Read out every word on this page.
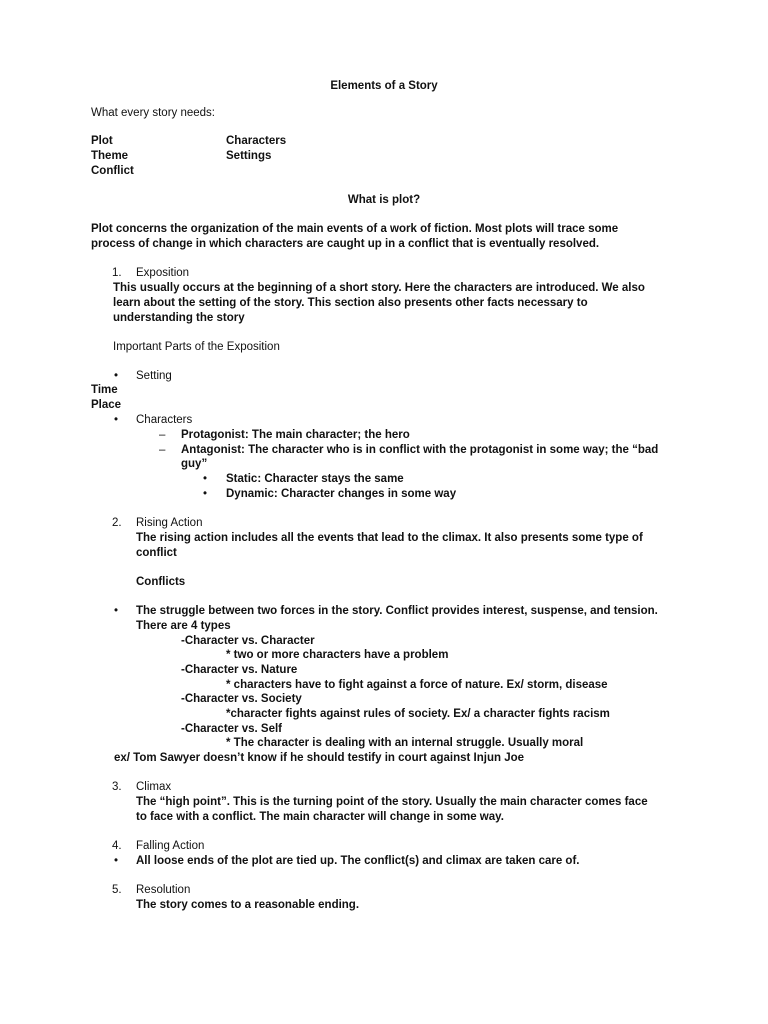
Elements of a Story
What every story needs:
Plot	Characters
Theme	Settings
Conflict
What is plot?
Plot concerns the organization of the main events of a work of fiction. Most plots will trace some
process of change in which characters are caught up in a conflict that is eventually resolved.
1. Exposition
This usually occurs at the beginning of a short story. Here the characters are introduced. We also
learn about the setting of the story. This section also presents other facts necessary to
understanding the story
Important Parts of the Exposition
• Setting
Time
Place
• Characters
– Protagonist: The main character; the hero
– Antagonist: The character who is in conflict with the protagonist in some way; the “bad
guy”
• Static: Character stays the same
• Dynamic: Character changes in some way
2. Rising Action
The rising action includes all the events that lead to the climax. It also presents some type of
conflict
Conflicts
• The struggle between two forces in the story. Conflict provides interest, suspense, and tension.
There are 4 types
-Character vs. Character
* two or more characters have a problem
-Character vs. Nature
* characters have to fight against a force of nature. Ex/ storm, disease
-Character vs. Society
*character fights against rules of society. Ex/ a character fights racism
-Character vs. Self
* The character is dealing with an internal struggle. Usually moral
ex/ Tom Sawyer doesn’t know if he should testify in court against Injun Joe
3. Climax
The “high point”. This is the turning point of the story. Usually the main character comes face
to face with a conflict. The main character will change in some way.
4. Falling Action
• All loose ends of the plot are tied up. The conflict(s) and climax are taken care of.
5. Resolution
The story comes to a reasonable ending.
